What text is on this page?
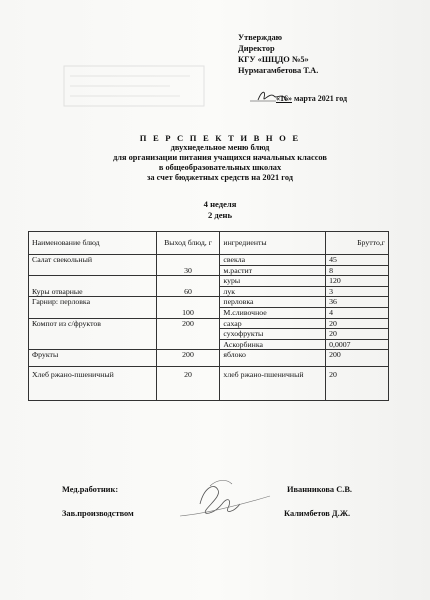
Утверждаю
Директор
КГУ «ШЦДО №5»
Нурмагамбетова Т.А.
«16» марта 2021 год
П Е Р С П Е К Т И В Н О Е
двухнедельное меню блюд
для организации питания учащихся начальных классов
в общеобразовательных школах
за счет бюджетных средств на 2021 год
4 неделя
2 день
Наименование блюд	Выход блюд, г	ингредиенты	Брутто,г
Салат свекольный	30	свекла	45
		м.растит	8
Куры отварные	60	куры	120
		лук	3
Гарнир: перловка	100	перловка	36
		М.сливочное	4
Компот из с/фруктов	200	сахар	20
		сухофрукты	20
		Аскорбинка	0,0007
Фрукты	200	яблоко	200
Хлеб ржано-пшеничный	20	хлеб ржано-пшеничный	20
Мед.работник:	Иванникова С.В.
Зав.производством	Калимбетов Д.Ж.
